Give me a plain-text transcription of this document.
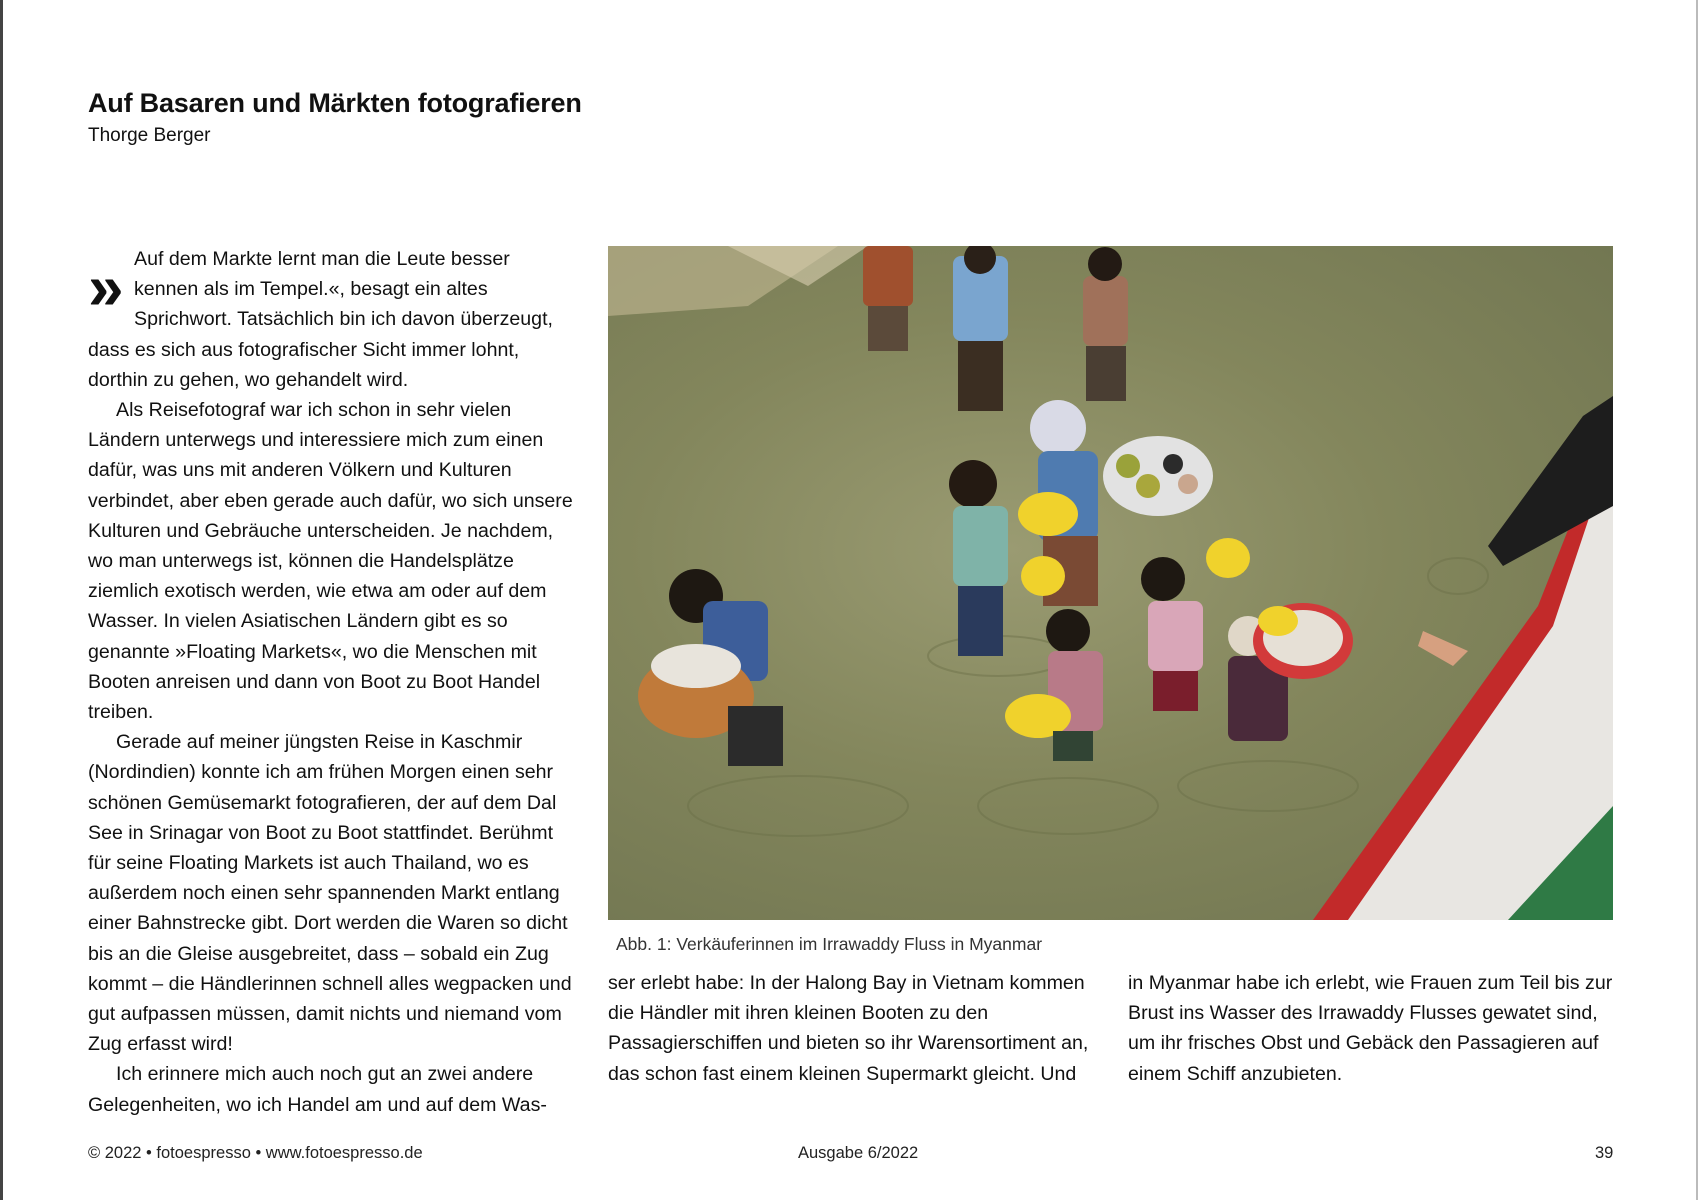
Auf Basaren und Märkten fotografieren
Thorge Berger

» Auf dem Markte lernt man die Leute besser kennen als im Tempel.«, besagt ein altes Sprichwort. Tatsächlich bin ich davon überzeugt, dass es sich aus fotografischer Sicht immer lohnt, dorthin zu gehen, wo gehandelt wird.

Als Reisefotograf war ich schon in sehr vielen Ländern unterwegs und interessiere mich zum einen dafür, was uns mit anderen Völkern und Kulturen verbindet, aber eben gerade auch dafür, wo sich unsere Kulturen und Gebräuche unterscheiden. Je nachdem, wo man unterwegs ist, können die Handelsplätze ziemlich exotisch werden, wie etwa am oder auf dem Wasser. In vielen Asiatischen Ländern gibt es so genannte »Floating Markets«, wo die Menschen mit Booten anreisen und dann von Boot zu Boot Handel treiben.

Gerade auf meiner jüngsten Reise in Kaschmir (Nordindien) konnte ich am frühen Morgen einen sehr schönen Gemüsemarkt fotografieren, der auf dem Dal See in Srinagar von Boot zu Boot stattfindet. Berühmt für seine Floating Markets ist auch Thailand, wo es außerdem noch einen sehr spannenden Markt entlang einer Bahnstrecke gibt. Dort werden die Waren so dicht bis an die Gleise ausgebreitet, dass – sobald ein Zug kommt – die Händlerinnen schnell alles wegpacken und gut aufpassen müssen, damit nichts und niemand vom Zug erfasst wird!

Ich erinnere mich auch noch gut an zwei andere Gelegenheiten, wo ich Handel am und auf dem Was-

Abb. 1: Verkäuferinnen im Irrawaddy Fluss in Myanmar

ser erlebt habe: In der Halong Bay in Vietnam kommen die Händler mit ihren kleinen Booten zu den Passagierschiffen und bieten so ihr Warensortiment an, das schon fast einem kleinen Supermarkt gleicht. Und

in Myanmar habe ich erlebt, wie Frauen zum Teil bis zur Brust ins Wasser des Irrawaddy Flusses gewatet sind, um ihr frisches Obst und Gebäck den Passagieren auf einem Schiff anzubieten.

© 2022 • fotoespresso • www.fotoespresso.de	Ausgabe 6/2022	39
